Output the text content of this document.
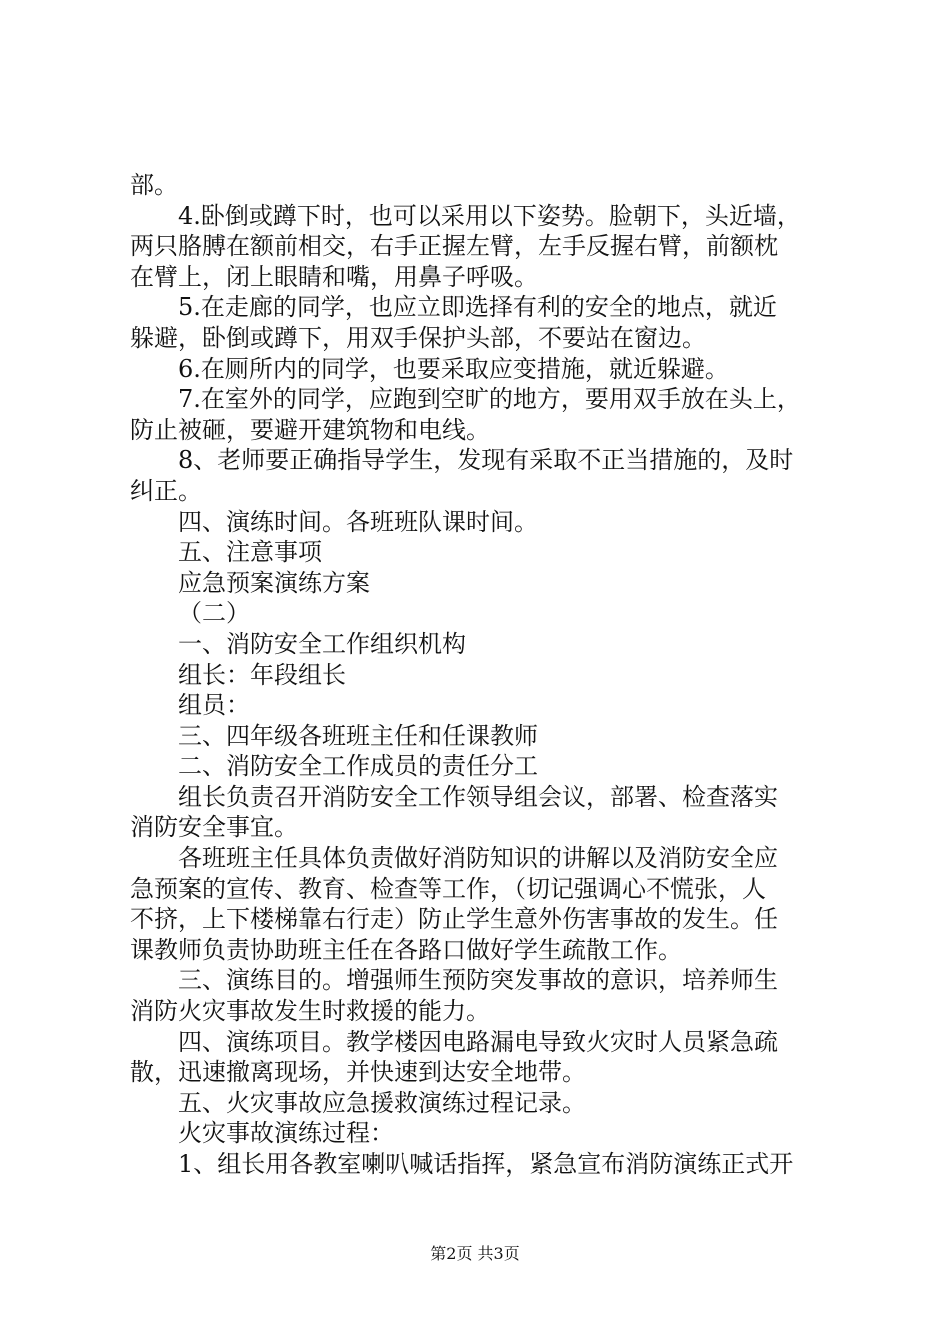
部。
4.卧倒或蹲下时，也可以采用以下姿势。脸朝下，头近墙，
两只胳膊在额前相交，右手正握左臂，左手反握右臂，前额枕
在臂上，闭上眼睛和嘴，用鼻子呼吸。
5.在走廊的同学，也应立即选择有利的安全的地点，就近
躲避，卧倒或蹲下，用双手保护头部，不要站在窗边。
6.在厕所内的同学，也要采取应变措施，就近躲避。
7.在室外的同学，应跑到空旷的地方，要用双手放在头上，
防止被砸，要避开建筑物和电线。
8、老师要正确指导学生，发现有采取不正当措施的，及时
纠正。
四、演练时间。各班班队课时间。
五、注意事项
应急预案演练方案
（二）
一、消防安全工作组织机构
组长：年段组长
组员：
三、四年级各班班主任和任课教师
二、消防安全工作成员的责任分工
组长负责召开消防安全工作领导组会议，部署、检查落实
消防安全事宜。
各班班主任具体负责做好消防知识的讲解以及消防安全应
急预案的宣传、教育、检查等工作，（切记强调心不慌张，人
不挤，上下楼梯靠右行走）防止学生意外伤害事故的发生。任
课教师负责协助班主任在各路口做好学生疏散工作。
三、演练目的。增强师生预防突发事故的意识，培养师生
消防火灾事故发生时救援的能力。
四、演练项目。教学楼因电路漏电导致火灾时人员紧急疏
散，迅速撤离现场，并快速到达安全地带。
五、火灾事故应急援救演练过程记录。
火灾事故演练过程：
1、组长用各教室喇叭喊话指挥，紧急宣布消防演练正式开
第2页 共3页
